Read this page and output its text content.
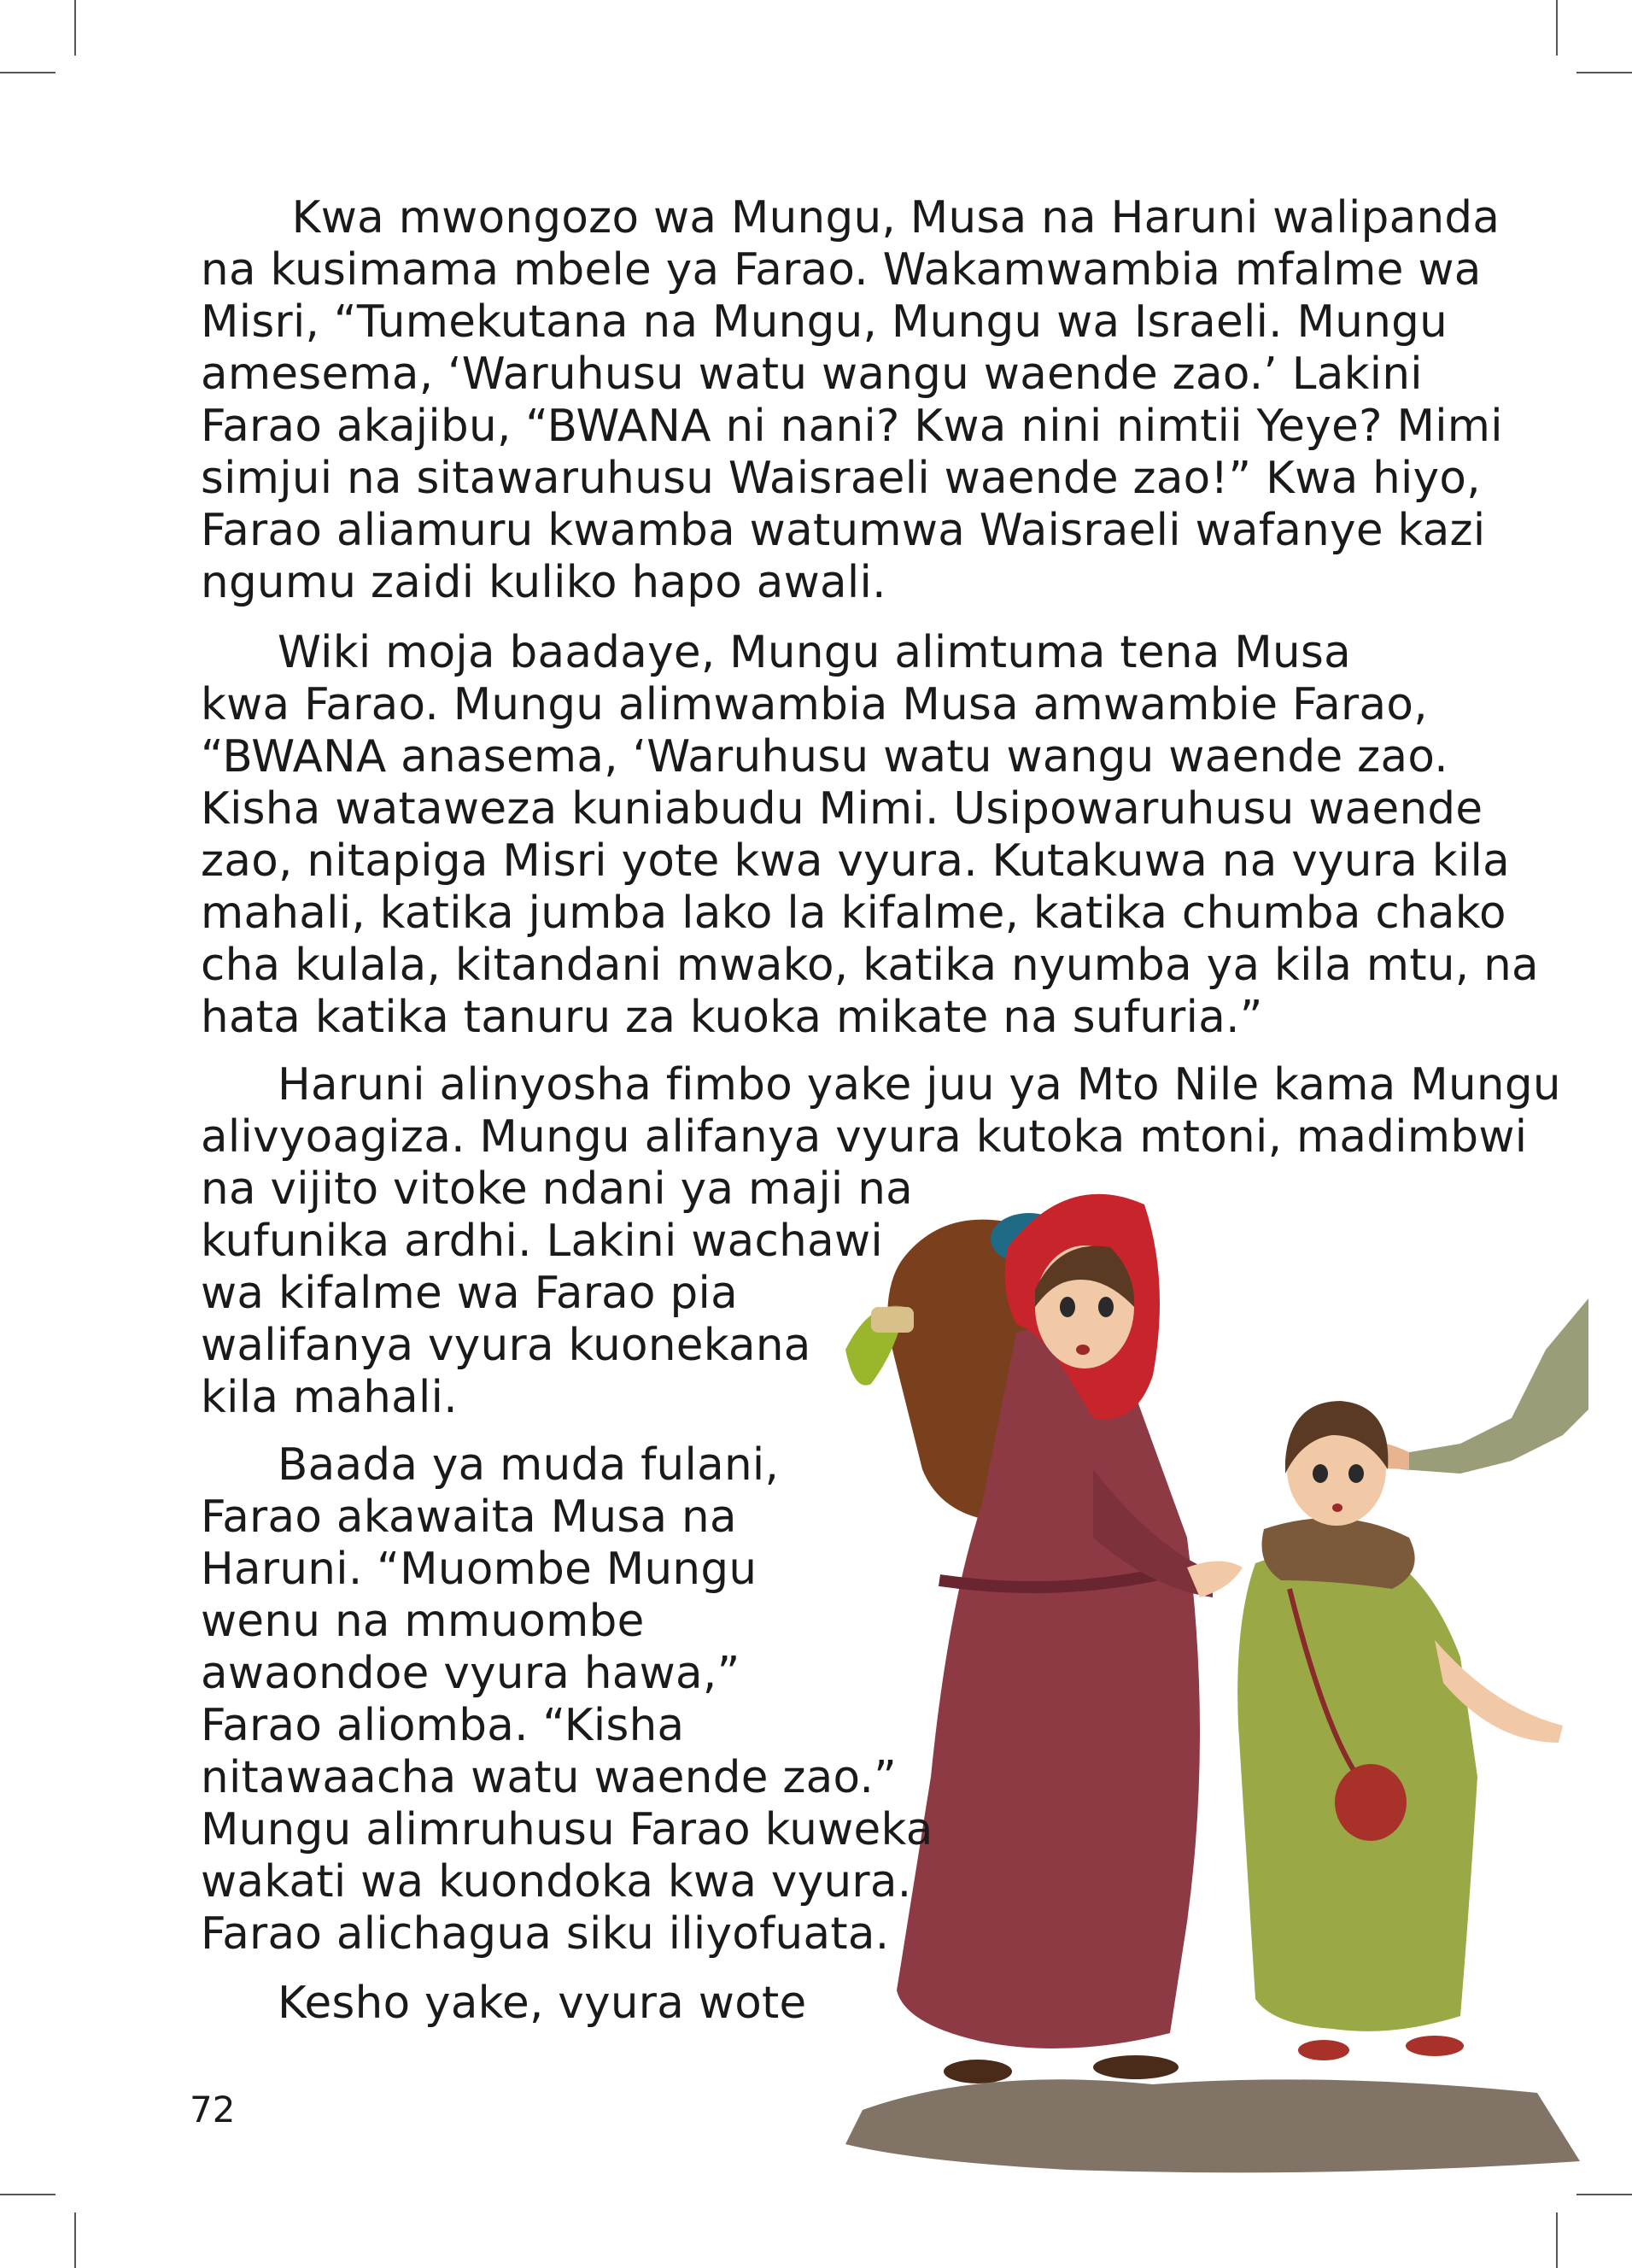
Kwa mwongozo wa Mungu, Musa na Haruni walipanda
na kusimama mbele ya Farao. Wakamwambia mfalme wa
Misri, “Tumekutana na Mungu, Mungu wa Israeli. Mungu
amesema, ‘Waruhusu watu wangu waende zao.’ Lakini
Farao akajibu, “BWANA ni nani? Kwa nini nimtii Yeye? Mimi
simjui na sitawaruhusu Waisraeli waende zao!” Kwa hiyo,
Farao aliamuru kwamba watumwa Waisraeli wafanye kazi
ngumu zaidi kuliko hapo awali.
Wiki moja baadaye, Mungu alimtuma tena Musa
kwa Farao. Mungu alimwambia Musa amwambie Farao,
“BWANA anasema, ‘Waruhusu watu wangu waende zao.
Kisha wataweza kuniabudu Mimi. Usipowaruhusu waende
zao, nitapiga Misri yote kwa vyura. Kutakuwa na vyura kila
mahali, katika jumba lako la kifalme, katika chumba chako
cha kulala, kitandani mwako, katika nyumba ya kila mtu, na
hata katika tanuru za kuoka mikate na sufuria.”
Haruni alinyosha fimbo yake juu ya Mto Nile kama Mungu
alivyoagiza. Mungu alifanya vyura kutoka mtoni, madimbwi
na vijito vitoke ndani ya maji na
kufunika ardhi. Lakini wachawi
wa kifalme wa Farao pia
walifanya vyura kuonekana
kila mahali.
Baada ya muda fulani,
Farao akawaita Musa na
Haruni. “Muombe Mungu
wenu na mmuombe
awaondoe vyura hawa,”
Farao aliomba. “Kisha
nitawaacha watu waende zao.”
Mungu alimruhusu Farao kuweka
wakati wa kuondoka kwa vyura.
Farao alichagua siku iliyofuata.
Kesho yake, vyura wote
72
